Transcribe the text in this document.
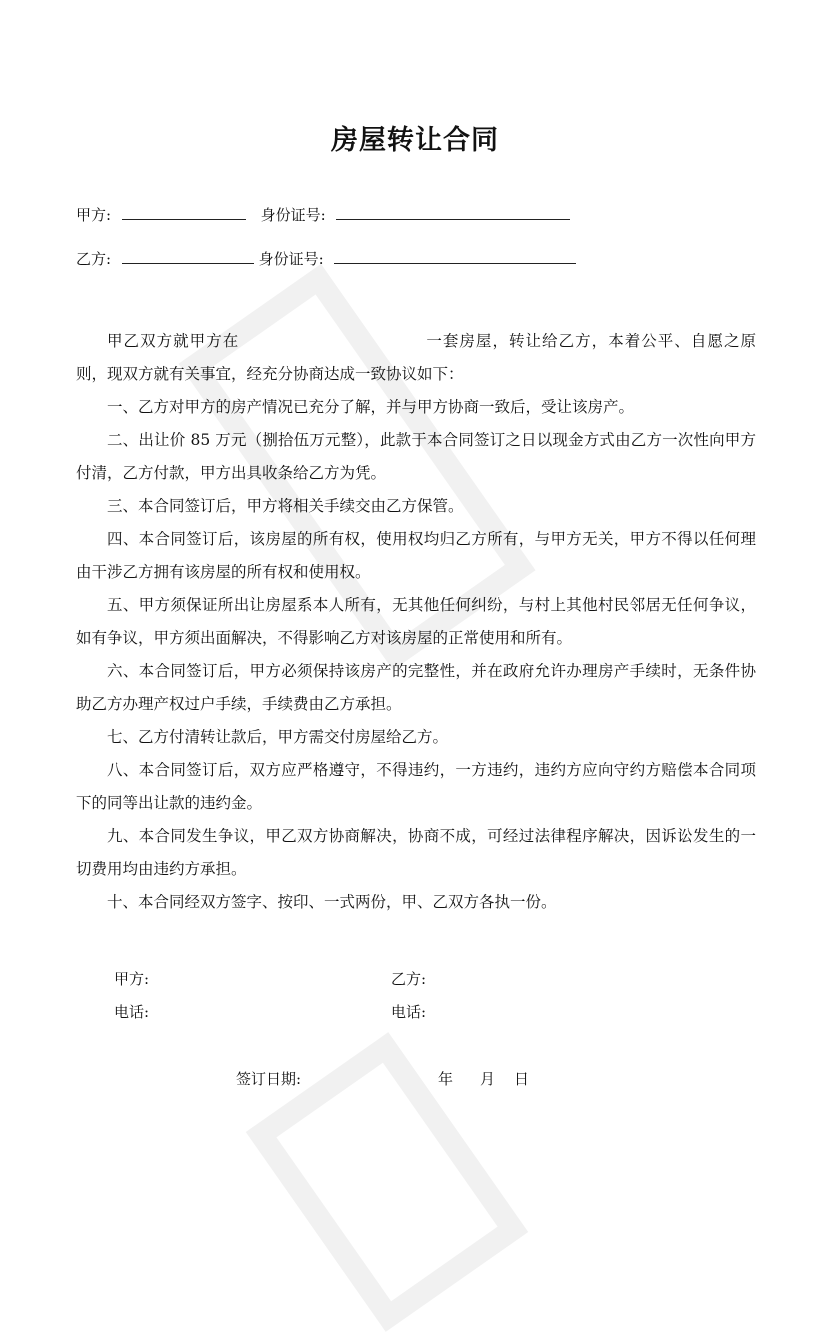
房屋转让合同
甲方:	身份证号:
乙方:	身份证号:

甲乙双方就甲方在	一套房屋，转让给乙方，本着公平、自愿之原则，现双方就有关事宜，经充分协商达成一致协议如下：

一、乙方对甲方的房产情况已充分了解，并与甲方协商一致后，受让该房产。

二、出让价 85 万元（捌拾伍万元整），此款于本合同签订之日以现金方式由乙方一次性向甲方付清，乙方付款，甲方出具收条给乙方为凭。

三、本合同签订后，甲方将相关手续交由乙方保管。

四、本合同签订后，该房屋的所有权，使用权均归乙方所有，与甲方无关，甲方不得以任何理由干涉乙方拥有该房屋的所有权和使用权。

五、甲方须保证所出让房屋系本人所有，无其他任何纠纷，与村上其他村民邻居无任何争议，如有争议，甲方须出面解决，不得影响乙方对该房屋的正常使用和所有。

六、本合同签订后，甲方必须保持该房产的完整性，并在政府允许办理房产手续时，无条件协助乙方办理产权过户手续，手续费由乙方承担。

七、乙方付清转让款后，甲方需交付房屋给乙方。

八、本合同签订后，双方应严格遵守，不得违约，一方违约，违约方应向守约方赔偿本合同项下的同等出让款的违约金。

九、本合同发生争议，甲乙双方协商解决，协商不成，可经过法律程序解决，因诉讼发生的一切费用均由违约方承担。

十、本合同经双方签字、按印、一式两份，甲、乙双方各执一份。

甲方:	乙方:
电话:	电话:
签订日期:	年 月 日
